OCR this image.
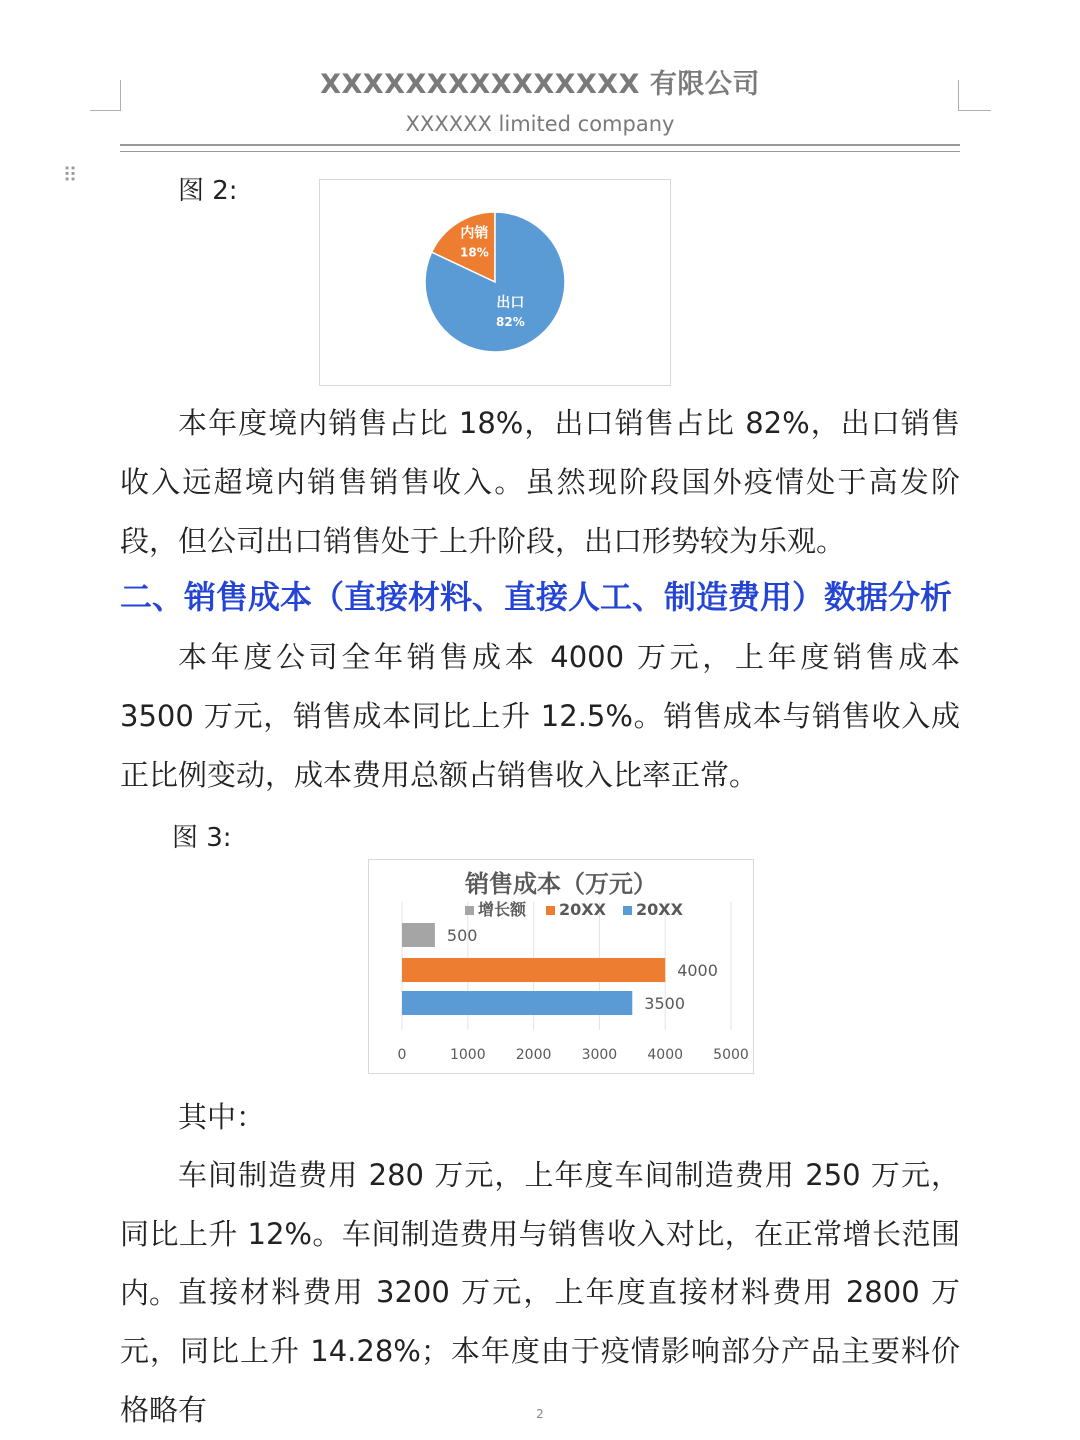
XXXXXXXXXXXXXXX 有限公司
XXXXXX limited company
⠿
图 2:
内销
18%
出口
82%

本年度境内销售占比 18%，出口销售占比 82%，出口销售收入远超境内销售销售收入。虽然现阶段国外疫情处于高发阶段，但公司出口销售处于上升阶段，出口形势较为乐观。

二、销售成本（直接材料、直接人工、制造费用）数据分析

本年度公司全年销售成本 4000 万元，上年度销售成本 3500 万元，销售成本同比上升 12.5%。销售成本与销售收入成正比例变动，成本费用总额占销售收入比率正常。

图 3:
销售成本（万元）
0	1000 2000 3000 4000 5000
500
4000
3500
增长额 20XX 20XX

其中：

车间制造费用 280 万元，上年度车间制造费用 250 万元，同比上升 12%。车间制造费用与销售收入对比，在正常增长范围内。 直接材料费用 3200 万元，上年度直接材料费用 2800 万元，同比上升 14.28%；本年度由于疫情影响部分产品主要料价格略有	2
